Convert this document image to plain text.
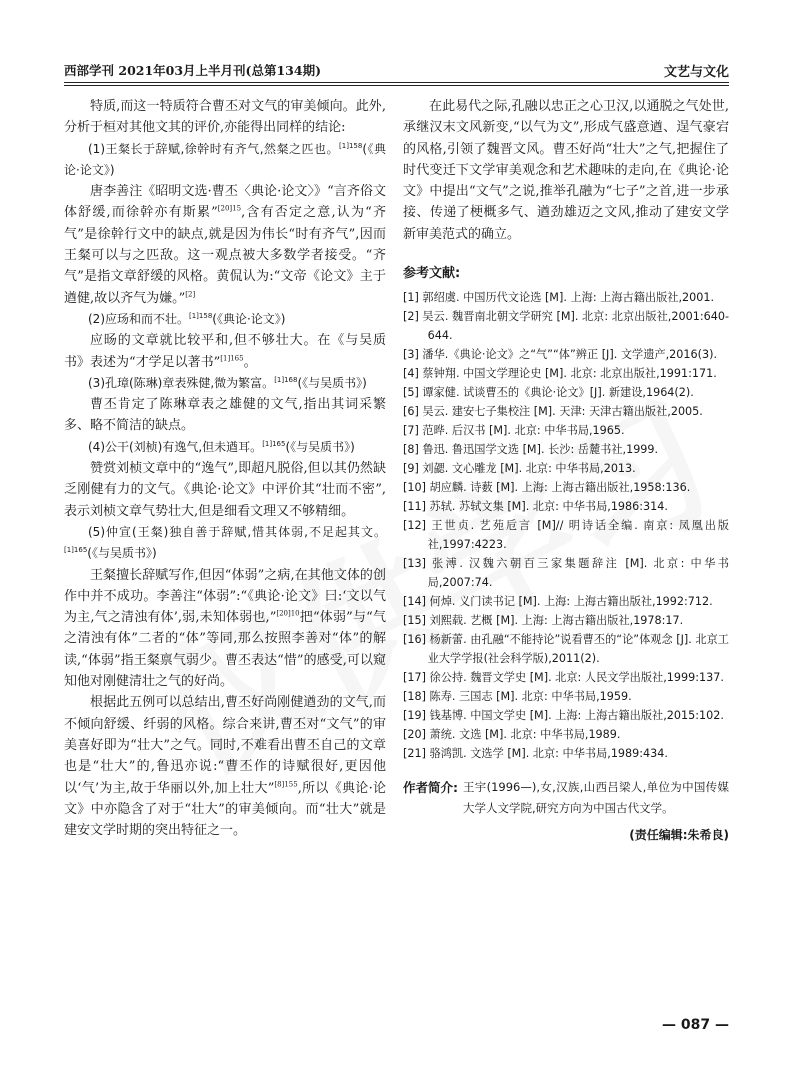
西部学刊 2021年03月上半月刊(总第134期)	文艺与文化

特质,而这一特质符合曹丕对文气的审美倾向。此外,分析于桓对其他文其的评价,亦能得出同样的结论:

(1)王粲长于辞赋,徐幹时有齐气,然粲之匹也。$^{[1]158}$(《典论·论文》)

唐李善注《昭明文选·曹丕〈典论·论文〉》“言齐俗文体舒缓,而徐幹亦有斯累”$^{[20]15}$,含有否定之意,认为“齐气”是徐幹行文中的缺点,就是因为伟长“时有齐气”,因而王粲可以与之匹敌。这一观点被大多数学者接受。“齐气”是指文章舒缓的风格。黄侃认为:“文帝《论文》主于遒健,故以齐气为嫌。”[2]

(2)应玚和而不壮。$^{[1]158}$(《典论·论文》)

应旸的文章就比较平和,但不够壮大。在《与吴质书》表述为“才学足以著书”$^{[1]165}$。

(3)孔璋(陈琳)章表殊健,微为繁富。$^{[1]168}$(《与吴质书》)

曹丕肯定了陈琳章表之雄健的文气,指出其词采繁多、略不简洁的缺点。

(4)公干(刘桢)有逸气,但未遒耳。$^{[1]165}$(《与吴质书》)

赞赏刘桢文章中的“逸气”,即超凡脱俗,但以其仍然缺乏刚健有力的文气。《典论·论文》中评价其“壮而不密”,表示刘桢文章气势壮大,但是细看文理又不够精细。

(5)仲宣(王粲)独自善于辞赋,惜其体弱,不足起其文。$^{[1]165}$(《与吴质书》)

王粲擅长辞赋写作,但因“体弱”之病,在其他文体的创作中并不成功。李善注“体弱”:“《典论·论文》曰:‘文以气为主,气之清浊有体’,弱,未知体弱也,”$^{[20]10}$把“体弱”与“气之清浊有体”二者的“体”等同,那么按照李善对“体”的解读,“体弱”指王粲禀气弱少。曹丕表达“惜”的感受,可以窥知他对刚健清壮之气的好尚。

根据此五例可以总结出,曹丕好尚刚健遒劲的文气,而不倾向舒缓、纤弱的风格。综合来讲,曹丕对“文气”的审美喜好即为“壮大”之气。同时,不难看出曹丕自己的文章也是“壮大”的,鲁迅亦说:“曹丕作的诗赋很好,更因他以‘气’为主,故于华丽以外,加上壮大”$^{[8]155}$,所以《典论·论文》中亦隐含了对于“壮大”的审美倾向。而“壮大”就是建安文学时期的突出特征之一。

在此易代之际,孔融以忠正之心卫汉,以通脱之气处世,承继汉末文风新变,“以气为文”,形成气盛意遒、逞气豪宕的风格,引领了魏晋文风。曹丕好尚“壮大”之气,把握住了时代变迁下文学审美观念和艺术趣味的走向,在《典论·论文》中提出“文气”之说,推举孔融为“七子”之首,进一步承接、传递了梗概多气、遒劲雄迈之文风,推动了建安文学新审美范式的确立。

参考文献:
[1] 郭绍虞. 中国历代文论选 [M]. 上海: 上海古籍出版社,2001.
[2] 吴云. 魏晋南北朝文学研究 [M]. 北京: 北京出版社,2001:640-644.
[3] 潘华.《典论·论文》之“气”“体”辨正 [J]. 文学遗产,2016(3).
[4] 蔡钟翔. 中国文学理论史 [M]. 北京: 北京出版社,1991:171.
[5] 谭家健. 试谈曹丕的《典论·论文》[J]. 新建设,1964(2).
[6] 吴云. 建安七子集校注 [M]. 天津: 天津古籍出版社,2005.
[7] 范晔. 后汉书 [M]. 北京: 中华书局,1965.
[8] 鲁迅. 鲁迅国学文选 [M]. 长沙: 岳麓书社,1999.
[9] 刘勰. 文心雕龙 [M]. 北京: 中华书局,2013.
[10] 胡应麟. 诗薮 [M]. 上海: 上海古籍出版社,1958:136.
[11] 苏轼. 苏轼文集 [M]. 北京: 中华书局,1986:314.
[12] 王世贞. 艺苑卮言 [M]// 明诗话全编. 南京: 凤凰出版社,1997:4223.
[13] 张溥. 汉魏六朝百三家集题辞注 [M]. 北京: 中华书局,2007:74.
[14] 何焯. 义门读书记 [M]. 上海: 上海古籍出版社,1992:712.
[15] 刘熙载. 艺概 [M]. 上海: 上海古籍出版社,1978:17.
[16] 杨新蕾. 由孔融“不能持论”说看曹丕的“论”体观念 [J]. 北京工业大学学报(社会科学版),2011(2).
[17] 徐公持. 魏晋文学史 [M]. 北京: 人民文学出版社,1999:137.
[18] 陈寿. 三国志 [M]. 北京: 中华书局,1959.
[19] 钱基博. 中国文学史 [M]. 上海: 上海古籍出版社,2015:102.
[20] 萧统. 文选 [M]. 北京: 中华书局,1989.
[21] 骆鸿凯. 文选学 [M]. 北京: 中华书局,1989:434.
作者简介: 王宇(1996—),女,汉族,山西吕梁人,单位为中国传媒大学人文学院,研究方向为中国古代文学。
(责任编辑:朱希良)
— 087 —
